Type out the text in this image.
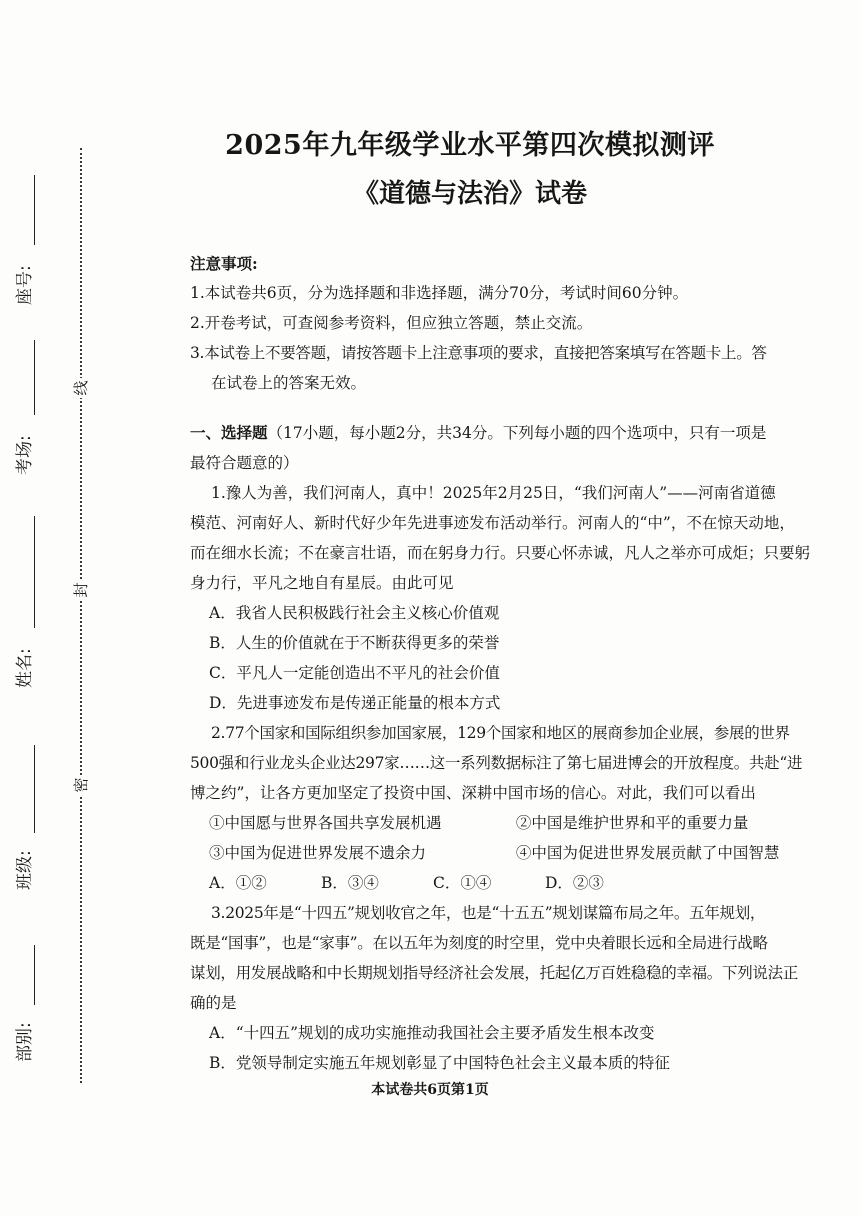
线
封
密
座号:
考场:
姓名:
班级:
部别:
2025年九年级学业水平第四次模拟测评
《道德与法治》试卷
注意事项:
1.本试卷共6页，分为选择题和非选择题，满分70分，考试时间60分钟。
2.开卷考试，可查阅参考资料，但应独立答题，禁止交流。
3.本试卷上不要答题，请按答题卡上注意事项的要求，直接把答案填写在答题卡上。答
在试卷上的答案无效。
一、选择题（17小题，每小题2分，共34分。下列每小题的四个选项中，只有一项是
最符合题意的）
1.豫人为善，我们河南人，真中！2025年2月25日，“我们河南人”——河南省道德
模范、河南好人、新时代好少年先进事迹发布活动举行。河南人的“中”，不在惊天动地，
而在细水长流；不在豪言壮语，而在躬身力行。只要心怀赤诚，凡人之举亦可成炬；只要躬
身力行，平凡之地自有星辰。由此可见
A．我省人民积极践行社会主义核心价值观
B．人生的价值就在于不断获得更多的荣誉
C．平凡人一定能创造出不平凡的社会价值
D．先进事迹发布是传递正能量的根本方式
2.77个国家和国际组织参加国家展，129个国家和地区的展商参加企业展，参展的世界
500强和行业龙头企业达297家……这一系列数据标注了第七届进博会的开放程度。共赴“进
博之约”，让各方更加坚定了投资中国、深耕中国市场的信心。对此，我们可以看出
①中国愿与世界各国共享发展机遇	②中国是维护世界和平的重要力量
③中国为促进世界发展不遗余力	④中国为促进世界发展贡献了中国智慧
A．①②	B．③④	C．①④	D．②③
3.2025年是“十四五”规划收官之年，也是“十五五”规划谋篇布局之年。五年规划，
既是“国事”，也是“家事”。在以五年为刻度的时空里，党中央着眼长远和全局进行战略
谋划，用发展战略和中长期规划指导经济社会发展，托起亿万百姓稳稳的幸福。下列说法正
确的是
A．“十四五”规划的成功实施推动我国社会主要矛盾发生根本改变
B．党领导制定实施五年规划彰显了中国特色社会主义最本质的特征
本试卷共6页第1页
